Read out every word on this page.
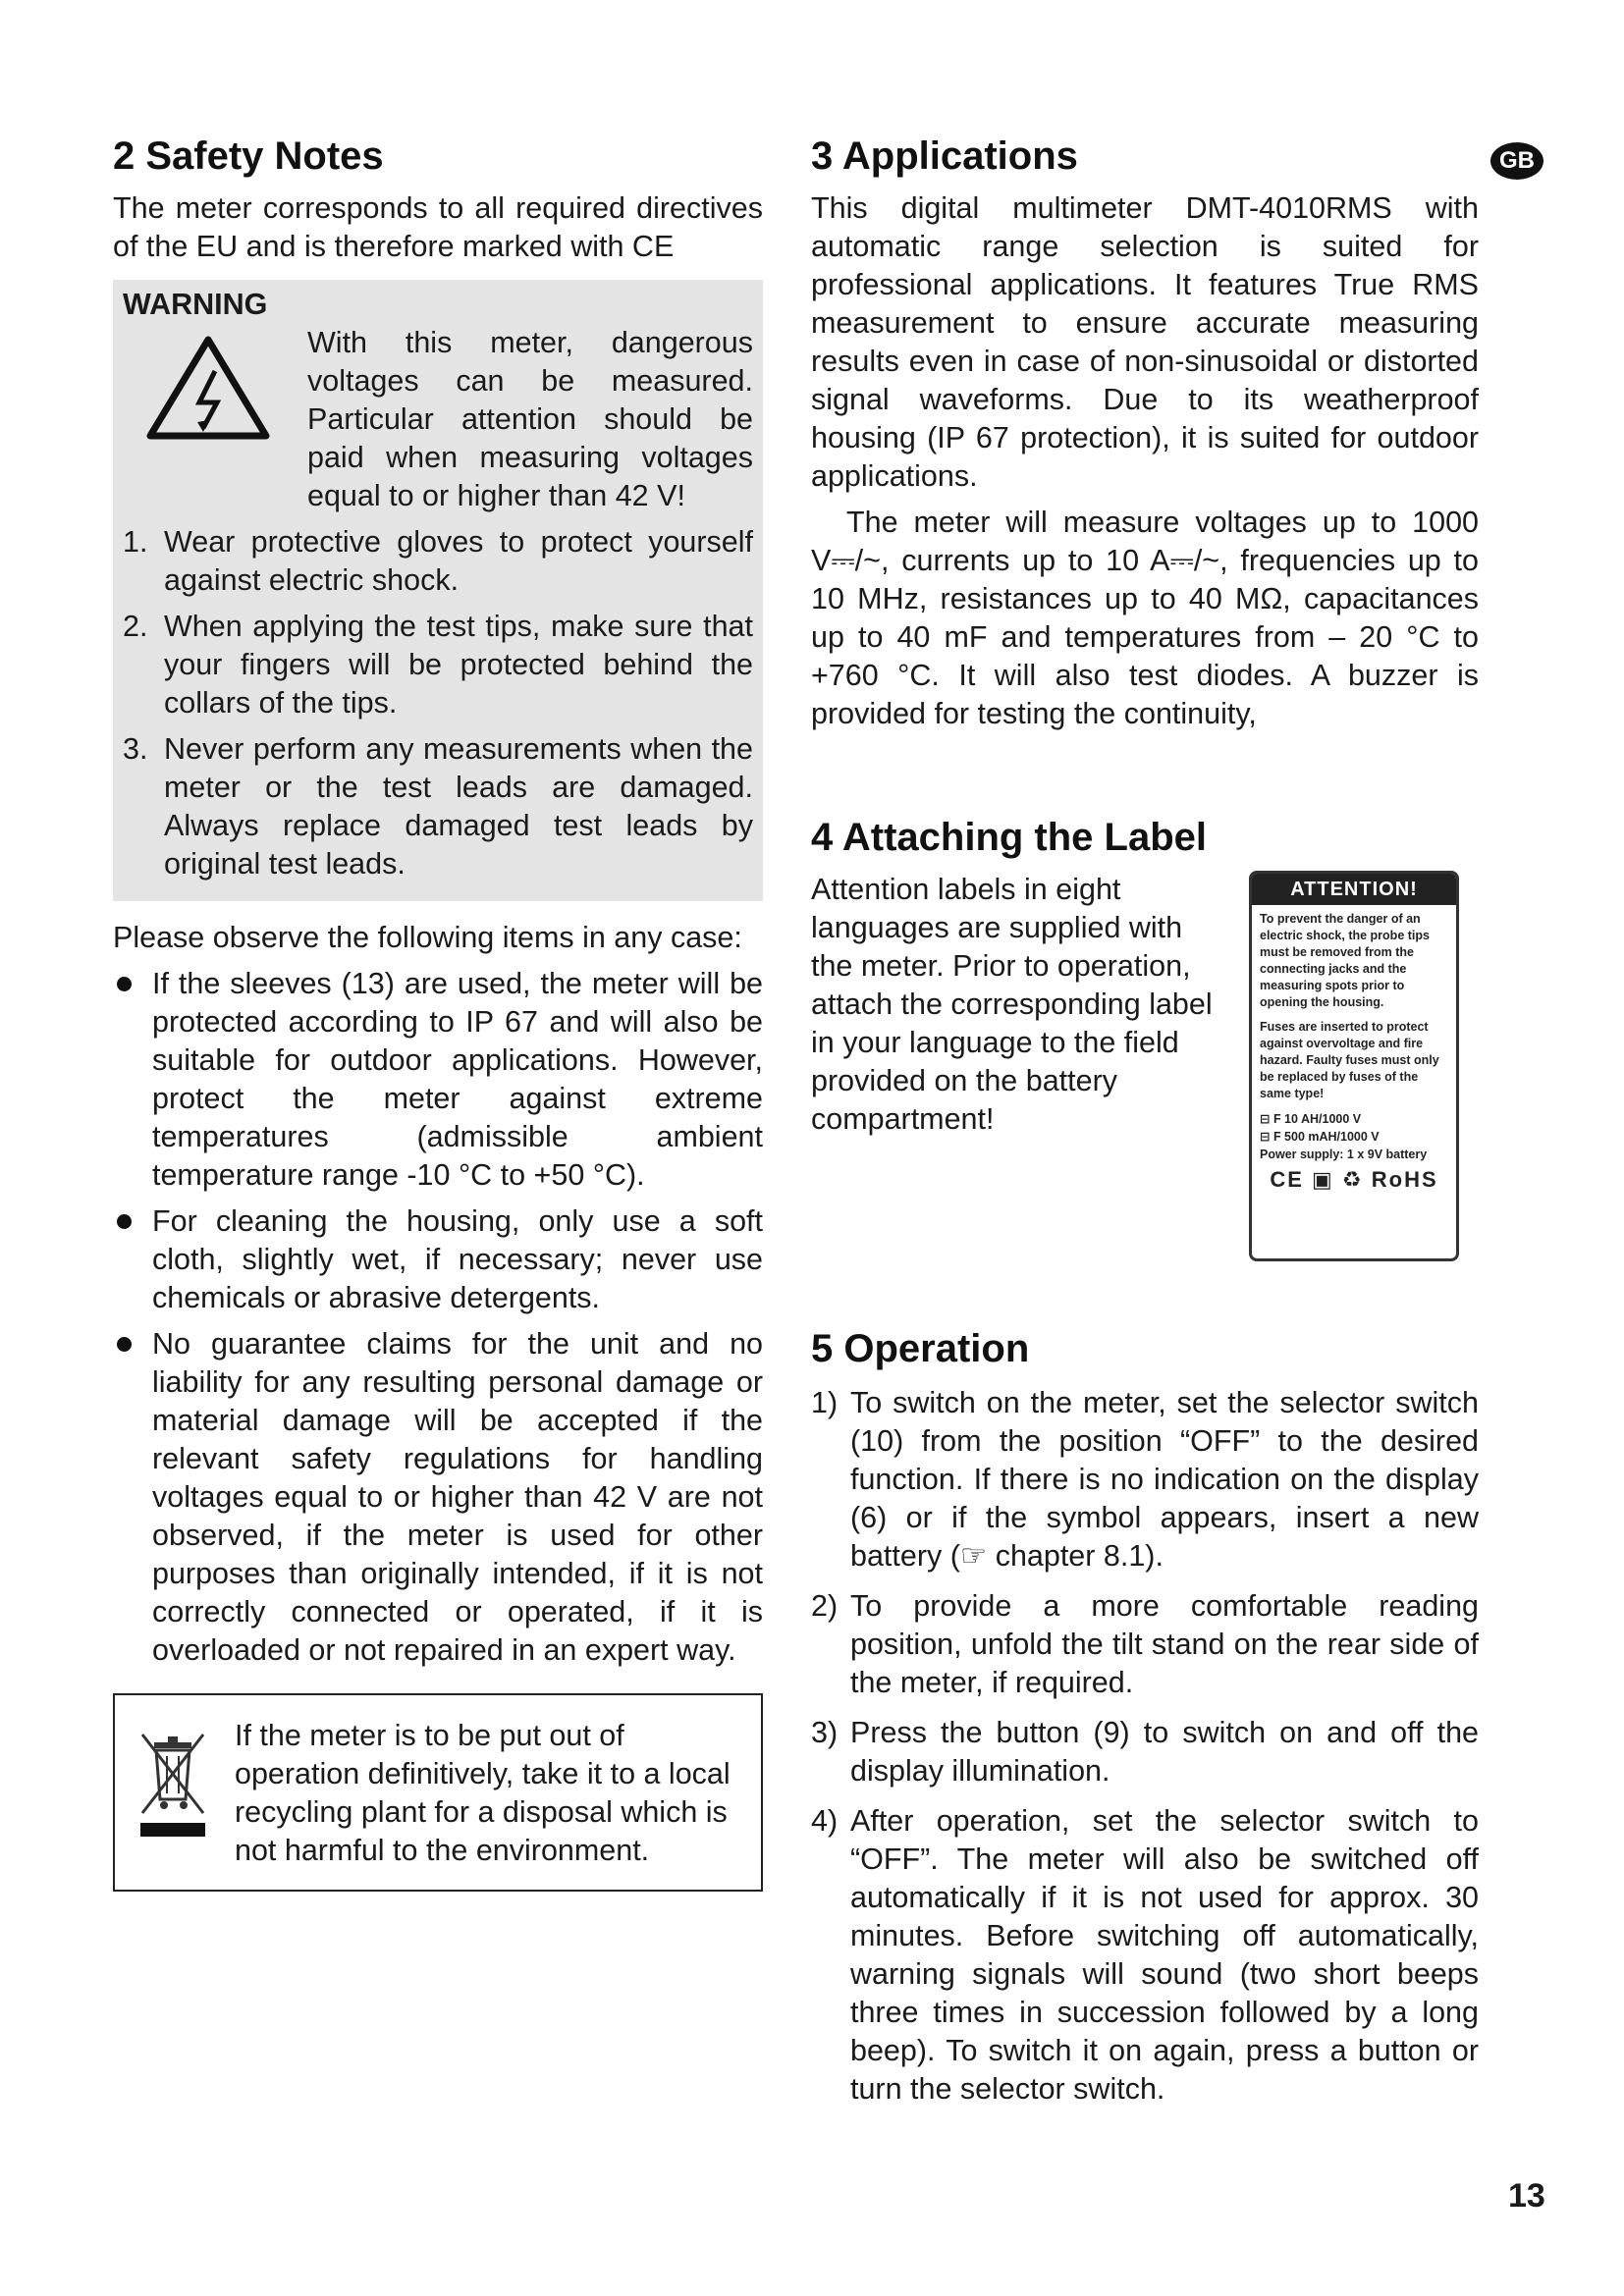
GB
2 Safety Notes

The meter corresponds to all required directives of the EU and is therefore marked with CE

WARNING

With this meter, dangerous voltages can be measured. Particular attention should be paid when measuring voltages equal to or higher than 42 V!

1. Wear protective gloves to protect yourself against electric shock.
2. When applying the test tips, make sure that your fingers will be protected behind the collars of the tips.
3. Never perform any measurements when the meter or the test leads are damaged. Always replace damaged test leads by original test leads.

Please observe the following items in any case:

If the sleeves (13) are used, the meter will be protected according to IP 67 and will also be suitable for outdoor applications. However, protect the meter against extreme temperatures (admissible ambient temperature range -10 °C to +50 °C).
For cleaning the housing, only use a soft cloth, slightly wet, if necessary; never use chemicals or abrasive detergents.
No guarantee claims for the unit and no liability for any resulting personal damage or material damage will be accepted if the relevant safety regulations for handling voltages equal to or higher than 42 V are not observed, if the meter is used for other purposes than originally intended, if it is not correctly connected or operated, if it is overloaded or not repaired in an expert way.

If the meter is to be put out of operation definitively, take it to a local recycling plant for a disposal which is not harmful to the environment.

3 Applications

This digital multimeter DMT-4010RMS with automatic range selection is suited for professional applications. It features True RMS measurement to ensure accurate measuring results even in case of non-sinusoidal or distorted signal waveforms. Due to its weatherproof housing (IP 67 protection), it is suited for outdoor applications.

The meter will measure voltages up to 1000 V⎓/~, currents up to 10 A⎓/~, frequencies up to 10 MHz, resistances up to 40 MΩ, capacitances up to 40 mF and temperatures from – 20 °C to +760 °C. It will also test diodes. A buzzer is provided for testing the continuity,

4 Attaching the Label

Attention labels in eight languages are supplied with the meter. Prior to operation, attach the corresponding label in your language to the field provided on the battery compartment!

ATTENTION!

To prevent the danger of an electric shock, the probe tips must be removed from the connecting jacks and the measuring spots prior to opening the housing.

Fuses are inserted to protect against overvoltage and fire hazard. Faulty fuses must only be replaced by fuses of the same type!

⊟ F 10 AH/1000 V
⊟ F 500 mAH/1000 V
Power supply: 1 x 9V battery
CE ▣ ♻ RoHS
5 Operation
1) To switch on the meter, set the selector switch (10) from the position “OFF” to the desired function. If there is no indication on the display (6) or if the symbol appears, insert a new battery (☞ chapter 8.1).
2) To provide a more comfortable reading position, unfold the tilt stand on the rear side of the meter, if required.
3) Press the button (9) to switch on and off the display illumination.
4) After operation, set the selector switch to “OFF”. The meter will also be switched off automatically if it is not used for approx. 30 minutes. Before switching off automatically, warning signals will sound (two short beeps three times in succession followed by a long beep). To switch it on again, press a button or turn the selector switch.
13
